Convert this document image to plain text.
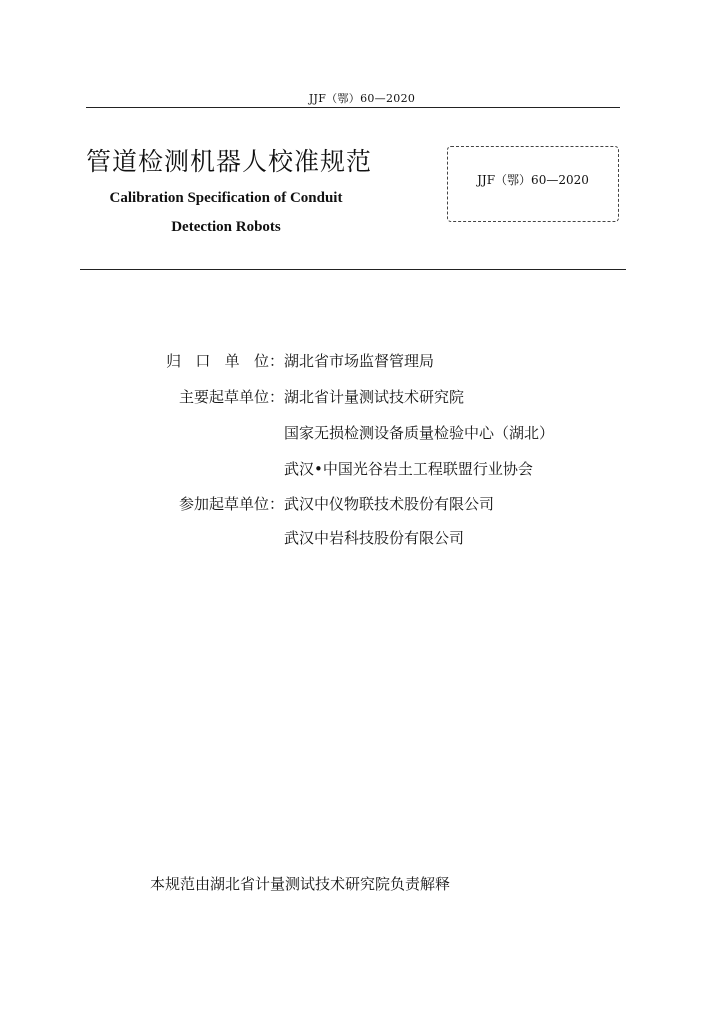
JJF（鄂）60—2020
管道检测机器人校准规范
Calibration Specification of Conduit
Detection Robots
JJF（鄂）60—2020
归   口   单   位： 湖北省市场监督管理局
主要起草单位： 湖北省计量测试技术研究院
国家无损检测设备质量检验中心（湖北）
武汉•中国光谷岩土工程联盟行业协会
参加起草单位： 武汉中仪物联技术股份有限公司
武汉中岩科技股份有限公司
本规范由湖北省计量测试技术研究院负责解释
